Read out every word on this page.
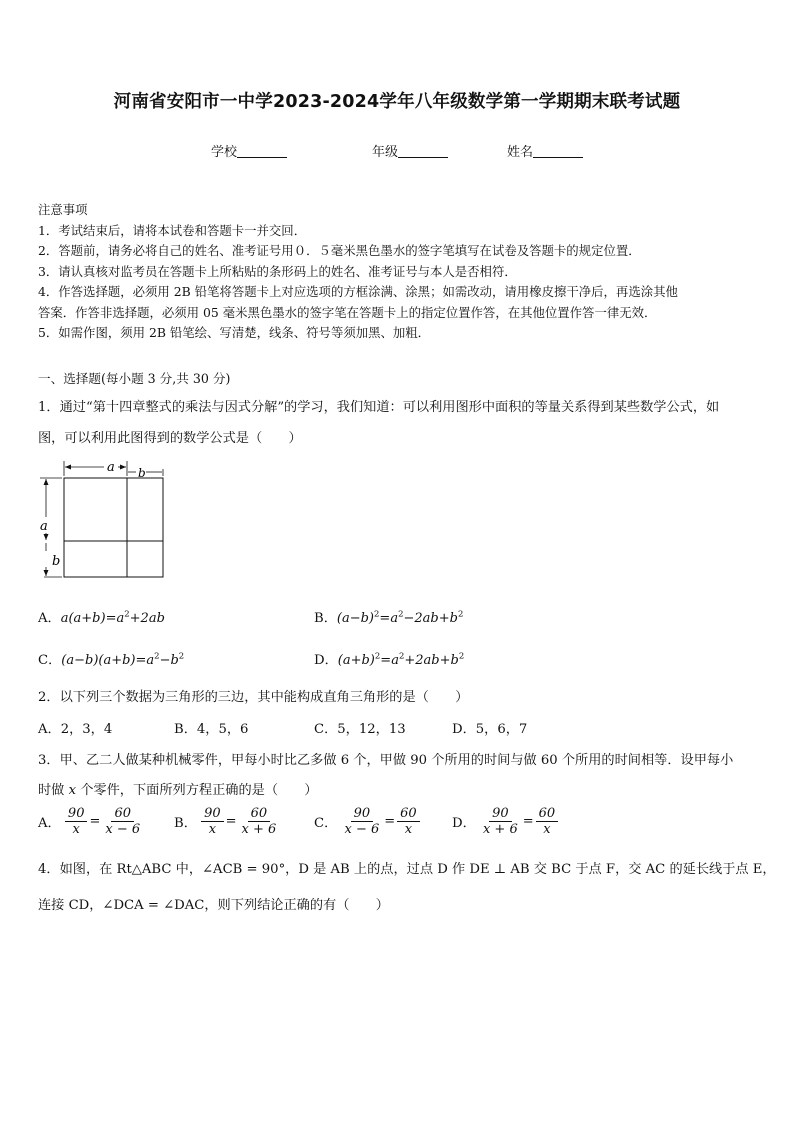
河南省安阳市一中学2023-2024学年八年级数学第一学期期末联考试题
学校	年级	姓名
注意事项
1．考试结束后，请将本试卷和答题卡一并交回．
2．答题前，请务必将自己的姓名、准考证号用０．５毫米黑色墨水的签字笔填写在试卷及答题卡的规定位置．
3．请认真核对监考员在答题卡上所粘贴的条形码上的姓名、准考证号与本人是否相符．
4．作答选择题，必须用 2B 铅笔将答题卡上对应选项的方框涂满、涂黑；如需改动，请用橡皮擦干净后，再选涂其他
答案．作答非选择题，必须用 05 毫米黑色墨水的签字笔在答题卡上的指定位置作答，在其他位置作答一律无效．
5．如需作图，须用 2B 铅笔绘、写清楚，线条、符号等须加黑、加粗．
一、选择题(每小题 3 分,共 30 分)
1．通过“第十四章整式的乘法与因式分解”的学习，我们知道：可以利用图形中面积的等量关系得到某些数学公式，如
图，可以利用此图得到的数学公式是（　　）
a b
a
b
A．$a(a+b)=a^2+2ab$	B．$(a-b)^2=a^2-2ab+b^2$
C．$(a-b)(a+b)=a^2-b^2$	D．$(a+b)^2=a^2+2ab+b^2$
2．以下列三个数据为三角形的三边，其中能构成直角三角形的是（　　）
A．2，3，4	B．4，5，6	C．5，12，13	D．5，6，7
3．甲、乙二人做某种机械零件，甲每小时比乙多做 6 个，甲做 90 个所用的时间与做 60 个所用的时间相等．设甲每小
时做 x 个零件，下面所列方程正确的是（　　）
A． $\frac{90}{x} = \frac{60}{x - 6}$ B． $\frac{90}{x} = \frac{60}{x + 6}$	C． $\frac{90}{x - 6} = \frac{60}{x}$ D． $\frac{90}{x + 6} = \frac{60}{x}$
4．如图，在 Rt△ABC 中，∠ACB = 90°，D 是 AB 上的点，过点 D 作 DE ⊥ AB 交 BC 于点 F，交 AC 的延长线于点 E，
连接 CD，∠DCA = ∠DAC，则下列结论正确的有（　　）
